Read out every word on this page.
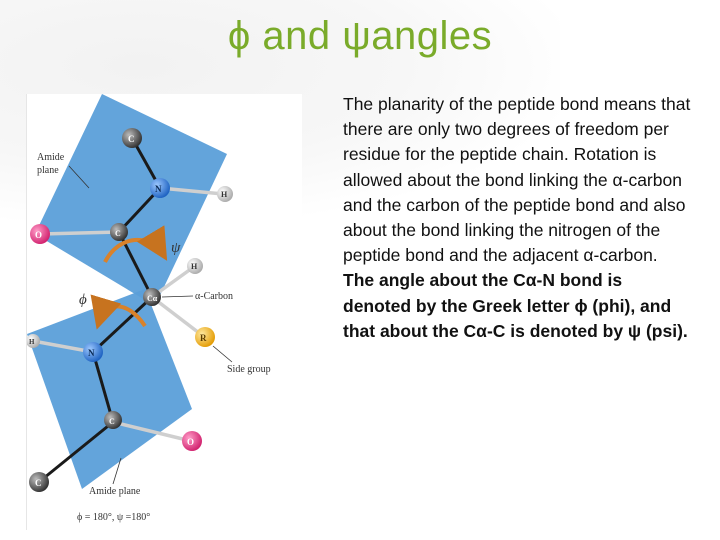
ϕ and ψangles
C
N
H
O	C
H
Cα
R
H
N
C
O
C
Amide
plane
ψ
ϕ	α-Carbon
Side group
Amide plane
ϕ = 180°, ψ =180°

The planarity of the peptide bond means that there are only two degrees of freedom per residue for the peptide chain. Rotation is allowed about the bond linking the α-carbon and the carbon of the peptide bond and also about the bond linking the nitrogen of the peptide bond and the adjacent α-carbon.

The angle about the Cα-N bond is denoted by the Greek letter ϕ (phi), and that about the Cα-C is denoted by ψ (psi).
